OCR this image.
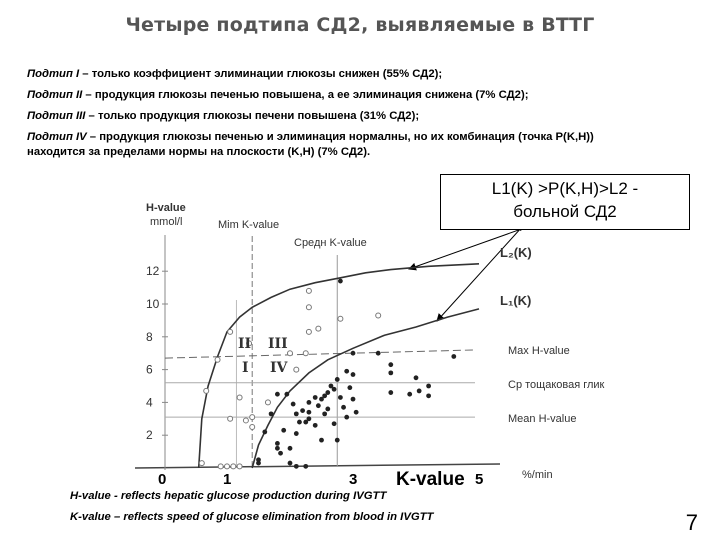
Четыре подтипа СД2, выявляемые в ВТТГ
Подтип I – только коэффициент элиминации глюкозы снижен (55% СД2);
Подтип II – продукция глюкозы печенью повышена, а ее элиминация снижена (7% СД2);
Подтип III – только продукция глюкозы печени повышена (31% СД2);
Подтип IV – продукция глюкозы печенью и элиминация нормалны, но их комбинация (точка P(K,H))
находится за пределами нормы на плоскости (K,H) (7% СД2).
0	1	3	5
12
10
8
6
4
2
H-value
mmol/l
K-value	%/min
Mim K-value
Средн K-value
Max H-value
Ср тощаковая глик
Mean H-value
L₂(K)
L₁(K)
II III
I IV
L1(K) >P(K,H)>L2 -
больной СД2
H-value - reflects hepatic glucose production during IVGTT
K-value – reflects speed of glucose elimination from blood in IVGTT	7
